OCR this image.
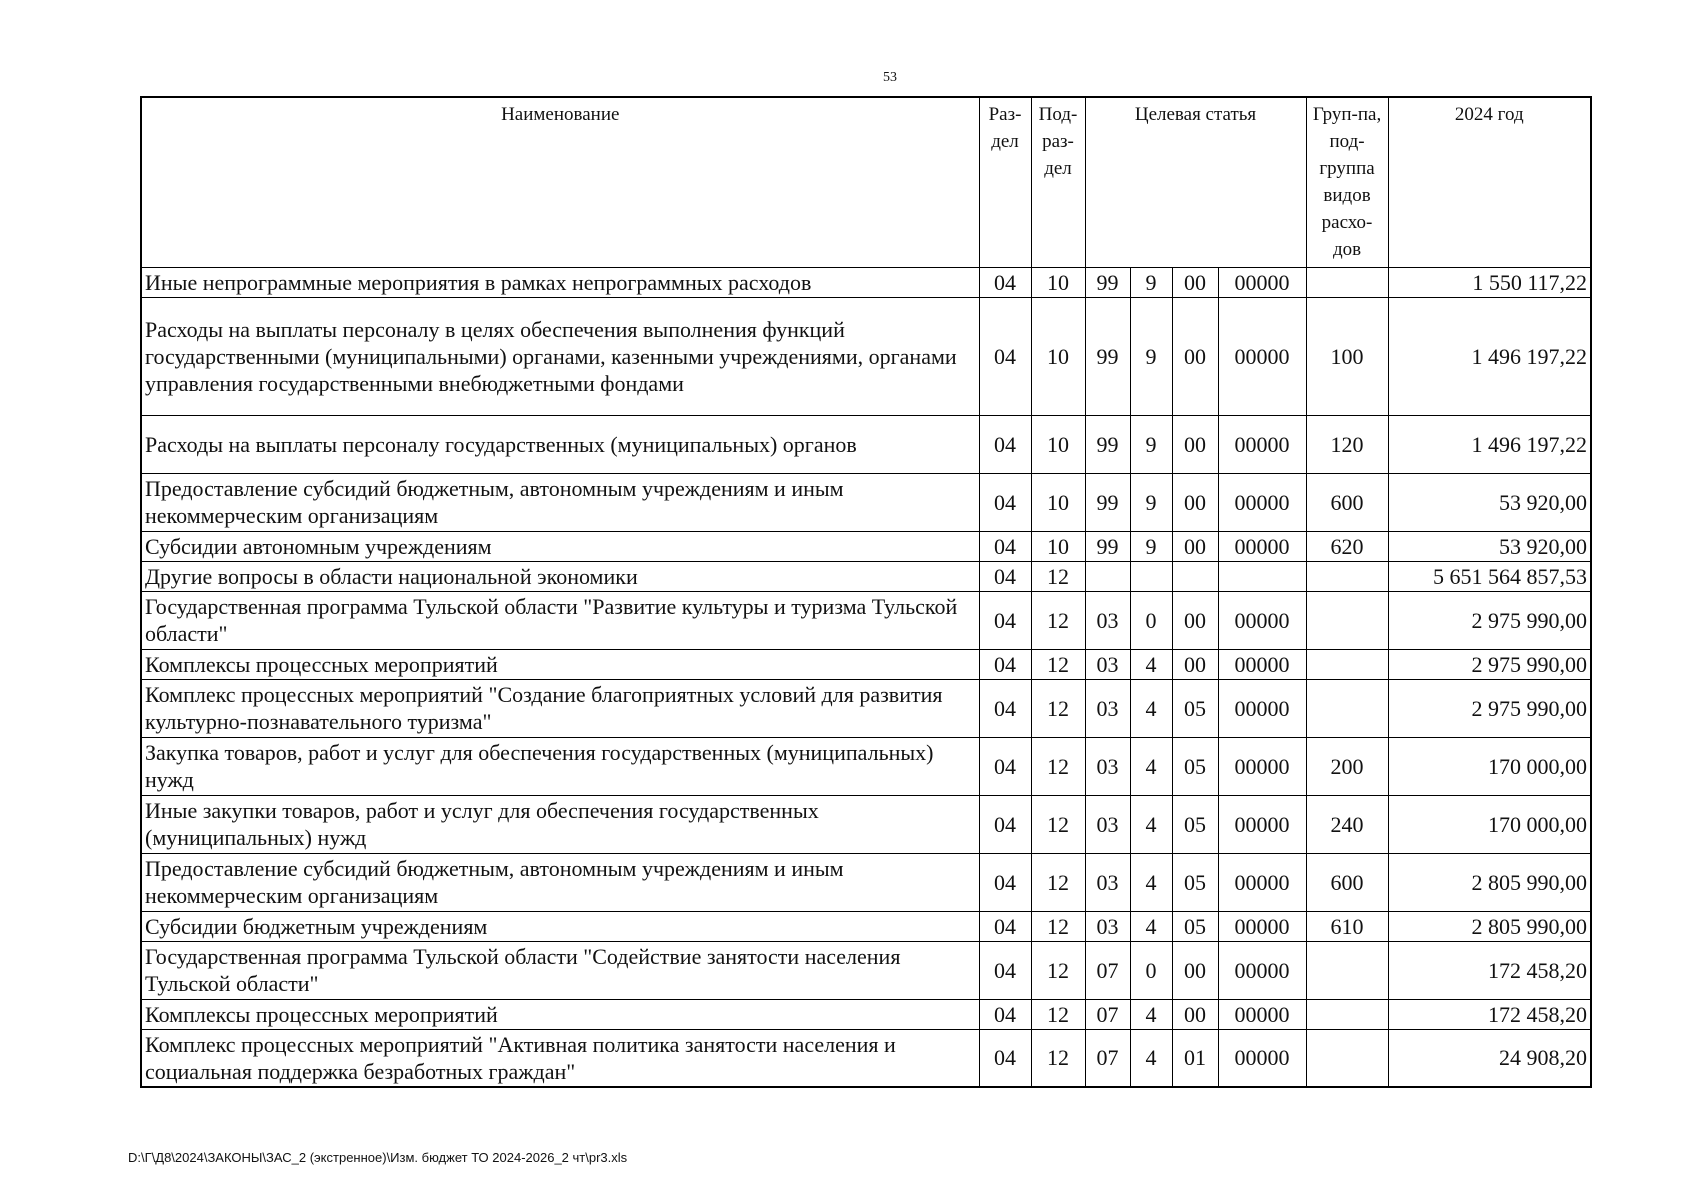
53
Наименование	Раз-дел	Под-раз-дел	Целевая статья				Груп-па, под-группа видов расхо-дов	2024 год
Иные непрограммные мероприятия в рамках непрограммных расходов	04	10	99	9	00	00000		1 550 117,22
Расходы на выплаты персоналу в целях обеспечения выполнения функций государственными (муниципальными) органами, казенными учреждениями, органами управления государственными внебюджетными фондами	04	10	99	9	00	00000	100	1 496 197,22
Расходы на выплаты персоналу государственных (муниципальных) органов	04	10	99	9	00	00000	120	1 496 197,22
Предоставление субсидий бюджетным, автономным учреждениям и иным некоммерческим организациям	04	10	99	9	00	00000	600	53 920,00
Субсидии автономным учреждениям	04	10	99	9	00	00000	620	53 920,00
Другие вопросы в области национальной экономики	04	12						5 651 564 857,53
Государственная программа Тульской области "Развитие культуры и туризма Тульской области"	04	12	03	0	00	00000		2 975 990,00
Комплексы процессных мероприятий	04	12	03	4	00	00000		2 975 990,00
Комплекс процессных мероприятий "Создание благоприятных условий для развития культурно-познавательного туризма"	04	12	03	4	05	00000		2 975 990,00
Закупка товаров, работ и услуг для обеспечения государственных (муниципальных) нужд	04	12	03	4	05	00000	200	170 000,00
Иные закупки товаров, работ и услуг для обеспечения государственных (муниципальных) нужд	04	12	03	4	05	00000	240	170 000,00
Предоставление субсидий бюджетным, автономным учреждениям и иным некоммерческим организациям	04	12	03	4	05	00000	600	2 805 990,00
Субсидии бюджетным учреждениям	04	12	03	4	05	00000	610	2 805 990,00
Государственная программа Тульской области "Содействие занятости населения Тульской области"	04	12	07	0	00	00000		172 458,20
Комплексы процессных мероприятий	04	12	07	4	00	00000		172 458,20
Комплекс процессных мероприятий "Активная политика занятости населения и социальная поддержка безработных граждан"	04	12	07	4	01	00000		24 908,20
D:\Г\Д8\2024\ЗАКОНЫ\ЗАС_2 (экстренное)\Изм. бюджет ТО 2024-2026_2 чт\pr3.xls
